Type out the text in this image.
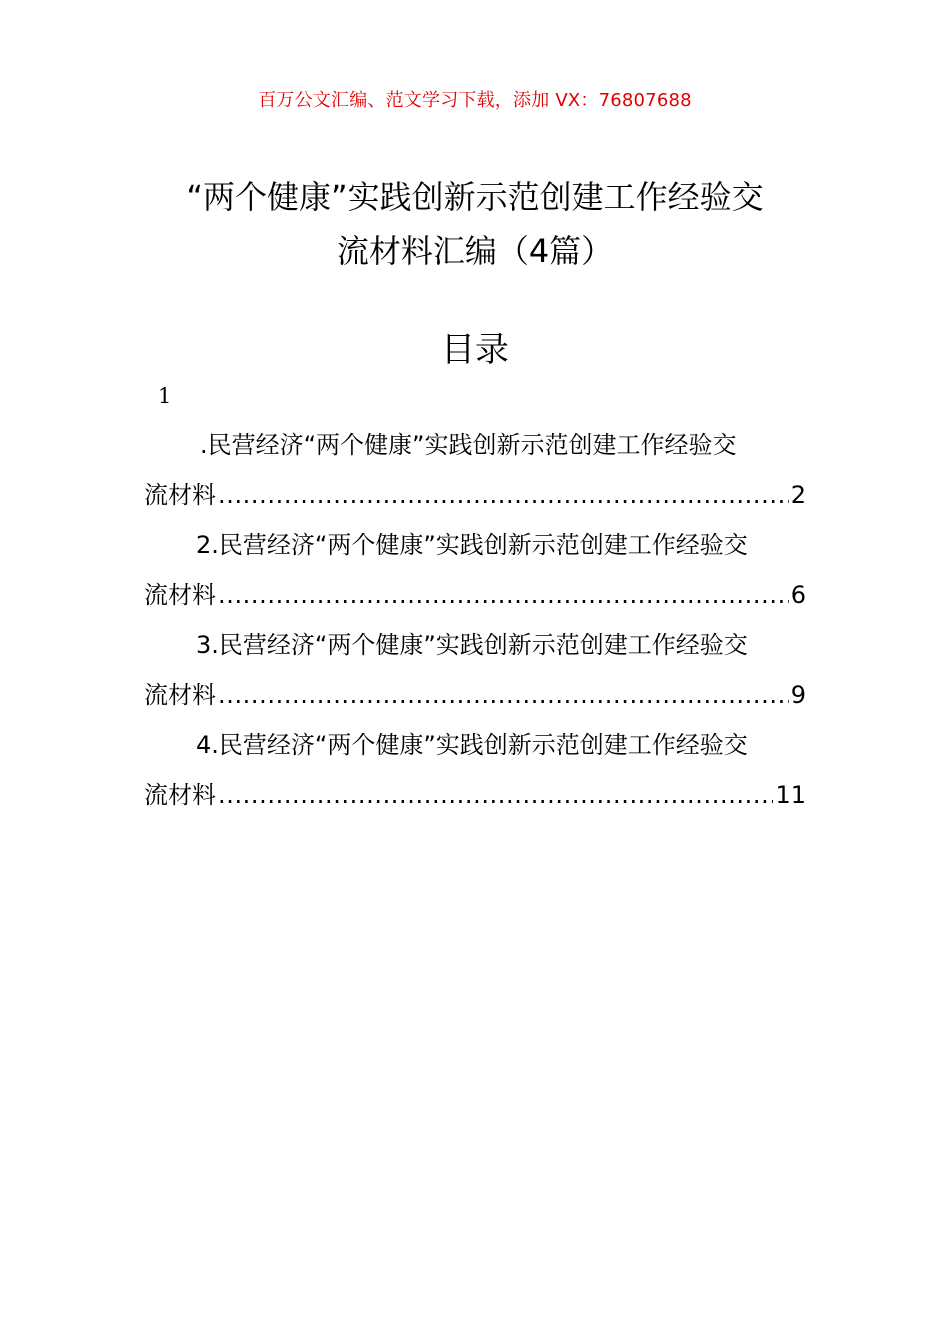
百万公文汇编、范文学习下载，添加 VX：76807688
“两个健康”实践创新示范创建工作经验交
流材料汇编（4篇）
目录
1
.民营经济“两个健康”实践创新示范创建工作经验交
流材料 .....	2
2.民营经济“两个健康”实践创新示范创建工作经验交
流材料 .....	6
3.民营经济“两个健康”实践创新示范创建工作经验交
流材料 .....	9
4.民营经济“两个健康”实践创新示范创建工作经验交
流材料 .....	11
